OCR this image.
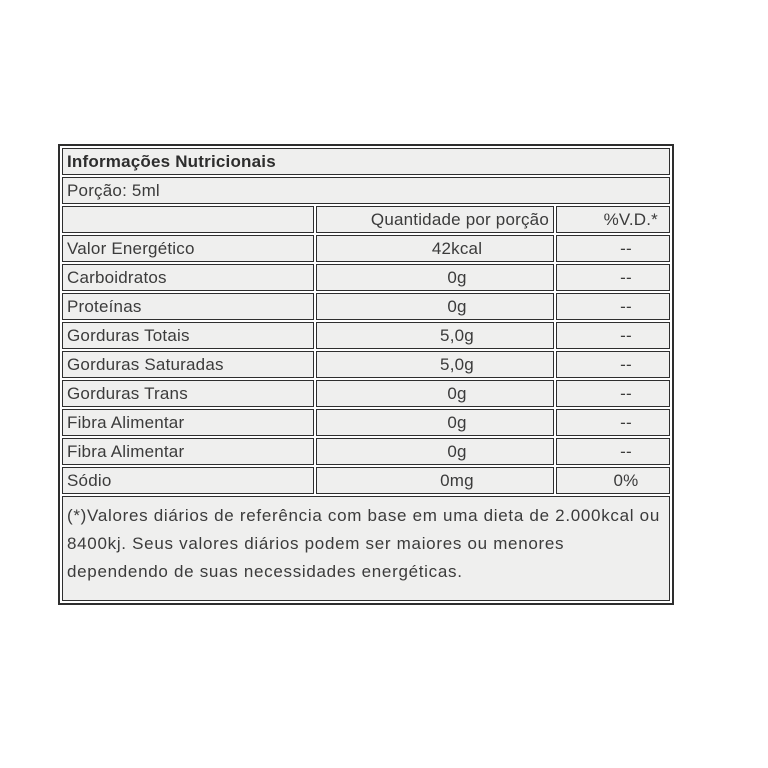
Informações Nutricionais		
Porção: 5ml		
	Quantidade por porção	%V.D.*
Valor Energético	42kcal	--
Carboidratos	0g	--
Proteínas	0g	--
Gorduras Totais	5,0g	--
Gorduras Saturadas	5,0g	--
Gorduras Trans	0g	--
Fibra Alimentar	0g	--
Fibra Alimentar	0g	--
Sódio	0mg	0%

(*)Valores diários de referência com base em uma dieta de 2.000kcal ou
8400kj. Seus valores diários podem ser maiores ou menores
dependendo de suas necessidades energéticas.		
